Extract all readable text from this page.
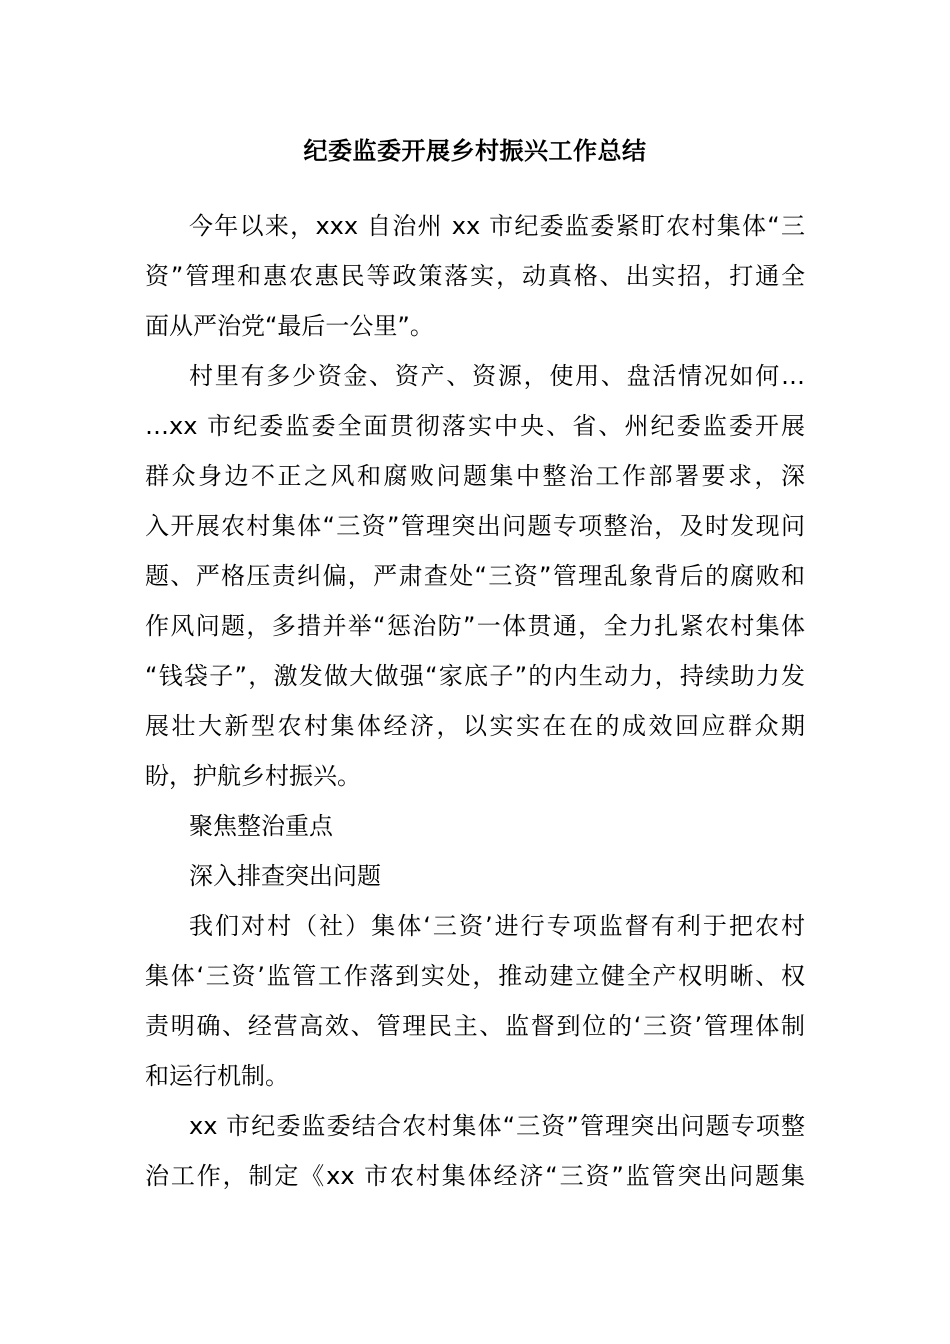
纪委监委开展乡村振兴工作总结

今年以来，xxx 自治州 xx 市纪委监委紧盯农村集体“三
资”管理和惠农惠民等政策落实，动真格、出实招，打通全
面从严治党“最后一公里”。

村里有多少资金、资产、资源，使用、盘活情况如何…
…xx 市纪委监委全面贯彻落实中央、省、州纪委监委开展
群众身边不正之风和腐败问题集中整治工作部署要求，深
入开展农村集体“三资”管理突出问题专项整治，及时发现问
题、严格压责纠偏，严肃查处“三资”管理乱象背后的腐败和
作风问题，多措并举“惩治防”一体贯通，全力扎紧农村集体
“钱袋子”，激发做大做强“家底子”的内生动力，持续助力发
展壮大新型农村集体经济，以实实在在的成效回应群众期
盼，护航乡村振兴。

聚焦整治重点

深入排查突出问题

我们对村（社）集体‘三资’进行专项监督有利于把农村
集体‘三资’监管工作落到实处，推动建立健全产权明晰、权
责明确、经营高效、管理民主、监督到位的‘三资’管理体制
和运行机制。

xx 市纪委监委结合农村集体“三资”管理突出问题专项整
治工作，制定《xx 市农村集体经济“三资”监管突出问题集
